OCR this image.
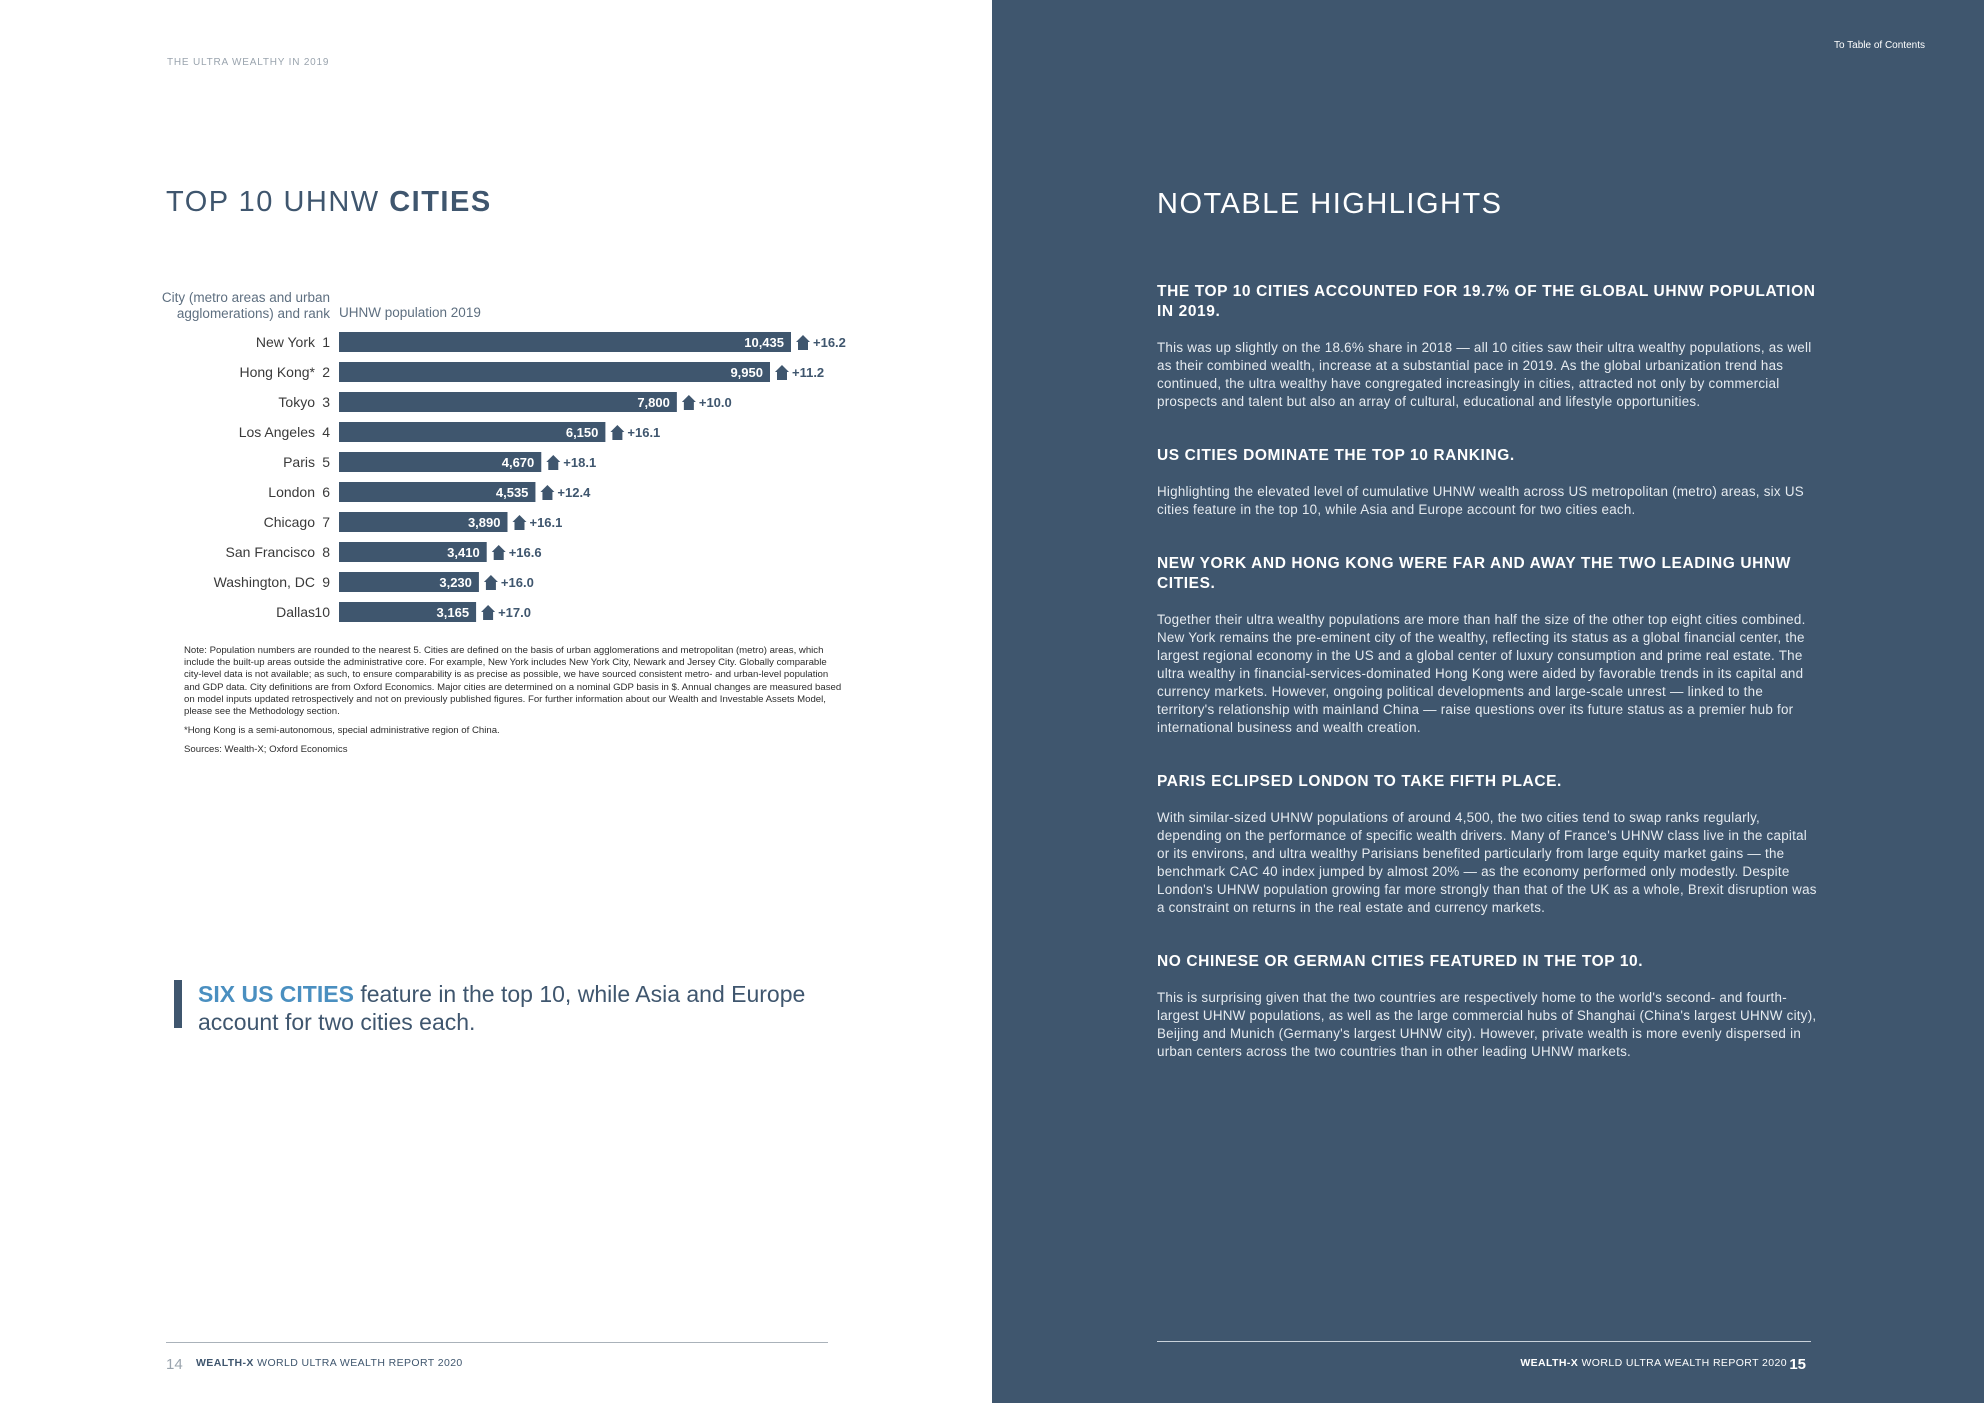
THE ULTRA WEALTHY IN 2019
TOP 10 UHNW CITIES
City (metro areas and urban agglomerations) and rank UHNW population 2019
New York 1	10,435 +16.2
Hong Kong* 2	9,950 +11.2
Tokyo 3	7,800 +10.0
Los Angeles 4	6,150 +16.1
Paris 5	4,670 +18.1
London 6	4,535 +12.4
Chicago 7	3,890 +16.1
San Francisco 8	3,410 +16.6
Washington, DC 9	3,230 +16.0
Dallas 10	3,165 +17.0

Note: Population numbers are rounded to the nearest 5. Cities are defined on the basis of urban agglomerations and metropolitan (metro) areas, which include the built-up areas outside the administrative core. For example, New York includes New York City, Newark and Jersey City. Globally comparable city-level data is not available; as such, to ensure comparability is as precise as possible, we have sourced consistent metro- and urban-level population and GDP data. City definitions are from Oxford Economics. Major cities are determined on a nominal GDP basis in $. Annual changes are measured based on model inputs updated retrospectively and not on previously published figures. For further information about our Wealth and Investable Assets Model, please see the Methodology section.

*Hong Kong is a semi-autonomous, special administrative region of China.

Sources: Wealth-X; Oxford Economics

SIX US CITIES feature in the top 10, while Asia and Europe account for two cities each.
14 WEALTH-X WORLD ULTRA WEALTH REPORT 2020
To Table of Contents
NOTABLE HIGHLIGHTS
THE TOP 10 CITIES ACCOUNTED FOR 19.7% OF THE GLOBAL UHNW POPULATION IN 2019.

This was up slightly on the 18.6% share in 2018 — all 10 cities saw their ultra wealthy populations, as well as their combined wealth, increase at a substantial pace in 2019. As the global urbanization trend has continued, the ultra wealthy have congregated increasingly in cities, attracted not only by commercial prospects and talent but also an array of cultural, educational and lifestyle opportunities.

US CITIES DOMINATE THE TOP 10 RANKING.

Highlighting the elevated level of cumulative UHNW wealth across US metropolitan (metro) areas, six US cities feature in the top 10, while Asia and Europe account for two cities each.

NEW YORK AND HONG KONG WERE FAR AND AWAY THE TWO LEADING UHNW CITIES.

Together their ultra wealthy populations are more than half the size of the other top eight cities combined. New York remains the pre-eminent city of the wealthy, reflecting its status as a global financial center, the largest regional economy in the US and a global center of luxury consumption and prime real estate. The ultra wealthy in financial-services-dominated Hong Kong were aided by favorable trends in its capital and currency markets. However, ongoing political developments and large-scale unrest — linked to the territory's relationship with mainland China — raise questions over its future status as a premier hub for international business and wealth creation.

PARIS ECLIPSED LONDON TO TAKE FIFTH PLACE.

With similar-sized UHNW populations of around 4,500, the two cities tend to swap ranks regularly, depending on the performance of specific wealth drivers. Many of France's UHNW class live in the capital or its environs, and ultra wealthy Parisians benefited particularly from large equity market gains — the benchmark CAC 40 index jumped by almost 20% — as the economy performed only modestly. Despite London's UHNW population growing far more strongly than that of the UK as a whole, Brexit disruption was a constraint on returns in the real estate and currency markets.

NO CHINESE OR GERMAN CITIES FEATURED IN THE TOP 10.

This is surprising given that the two countries are respectively home to the world's second- and fourth-largest UHNW populations, as well as the large commercial hubs of Shanghai (China's largest UHNW city), Beijing and Munich (Germany's largest UHNW city). However, private wealth is more evenly dispersed in urban centers across the two countries than in other leading UHNW markets.

WEALTH-X WORLD ULTRA WEALTH REPORT 2020 15
